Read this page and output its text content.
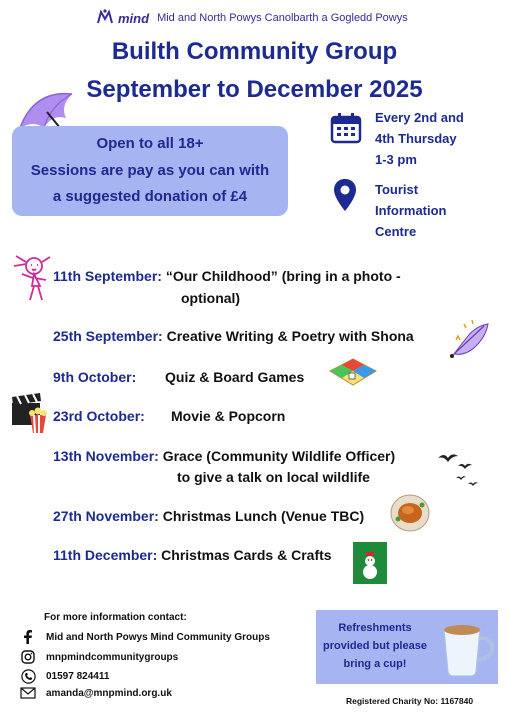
mind Mid and North Powys Canolbarth a Gogledd Powys
Builth Community Group
September to December 2025
Open to all 18+
Sessions are pay as you can with
a suggested donation of £4
Every 2nd and
4th Thursday
1-3 pm
Tourist
Information
Centre
11th September: “Our Childhood” (bring in a photo -
optional)
25th September: Creative Writing & Poetry with Shona
9th October: Quiz & Board Games
23rd October: Movie & Popcorn
13th November: Grace (Community Wildlife Officer)
to give a talk on local wildlife
27th November: Christmas Lunch (Venue TBC)
11th December: Christmas Cards & Crafts
For more information contact:
Mid and North Powys Mind Community Groups
mnpmindcommunitygroups
01597 824411
amanda@mnpmind.org.uk
Refreshments
provided but please
bring a cup!
Registered Charity No: 1167840
